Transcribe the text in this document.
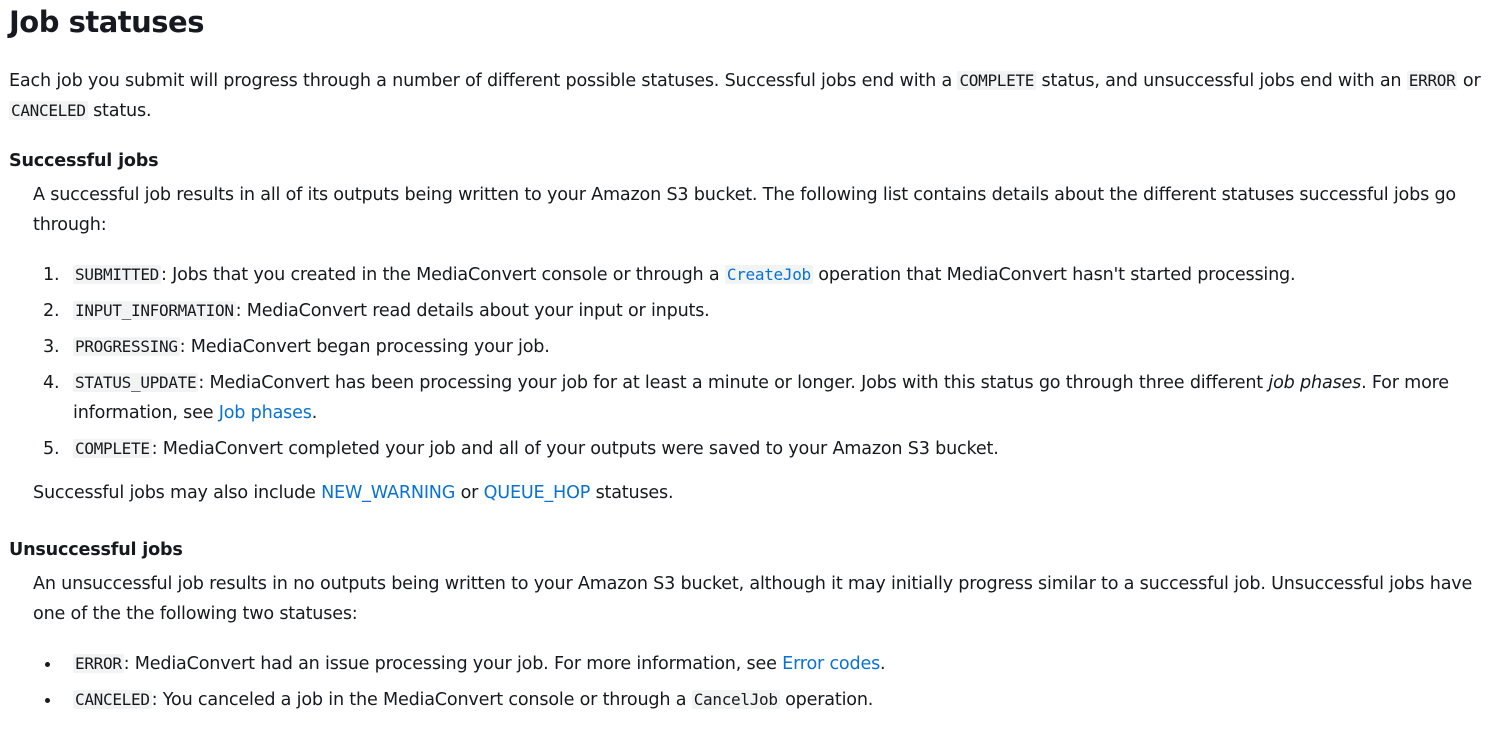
Job statuses

Each job you submit will progress through a number of different possible statuses. Successful jobs end with a COMPLETE status, and unsuccessful jobs end with an ERROR or CANCELED status.

Successful jobs

A successful job results in all of its outputs being written to your Amazon S3 bucket. The following list contains details about the different statuses successful jobs go through:

1. SUBMITTED : Jobs that you created in the MediaConvert console or through a CreateJob operation that MediaConvert hasn't started processing.
2. INPUT_INFORMATION : MediaConvert read details about your input or inputs.
3. PROGRESSING : MediaConvert began processing your job.
4. STATUS_UPDATE : MediaConvert has been processing your job for at least a minute or longer. Jobs with this status go through three different job phases. For more information, see Job phases.
5. COMPLETE : MediaConvert completed your job and all of your outputs were saved to your Amazon S3 bucket.

Successful jobs may also include NEW_WARNING or QUEUE_HOP statuses.

Unsuccessful jobs

An unsuccessful job results in no outputs being written to your Amazon S3 bucket, although it may initially progress similar to a successful job. Unsuccessful jobs have one of the the following two statuses:

ERROR : MediaConvert had an issue processing your job. For more information, see Error codes.
CANCELED : You canceled a job in the MediaConvert console or through a CancelJob operation.
